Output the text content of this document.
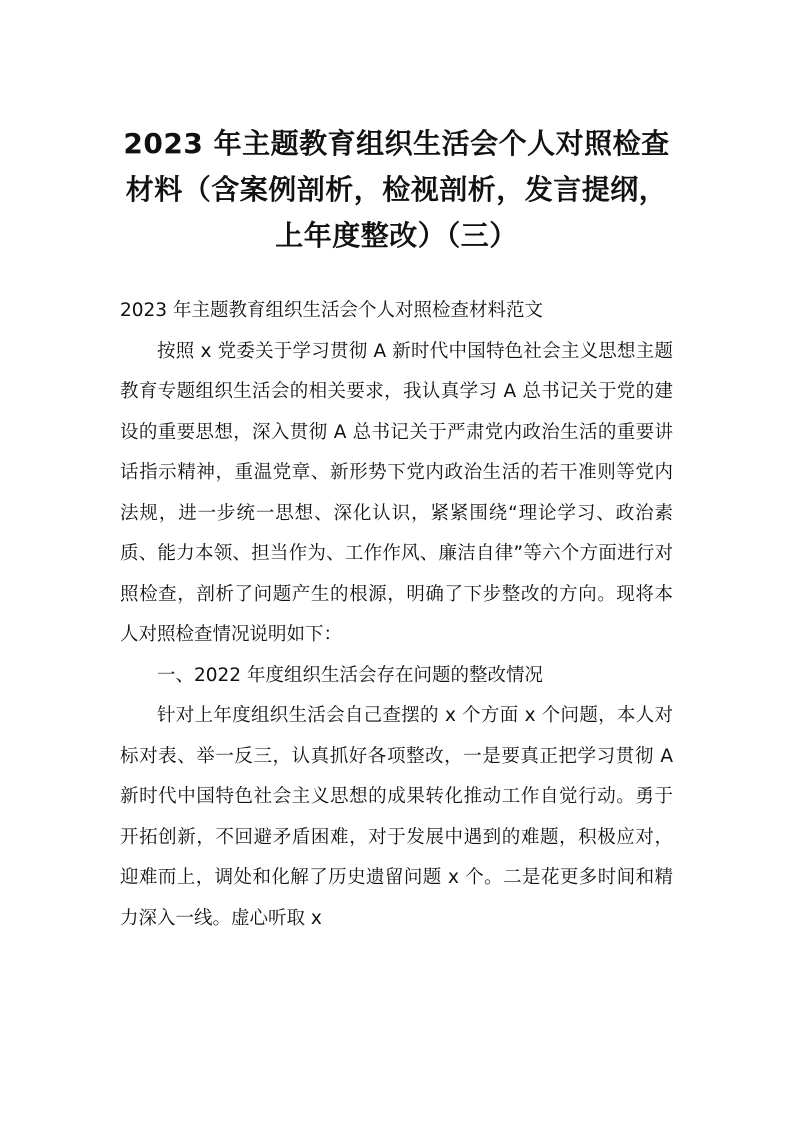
2023 年主题教育组织生活会个人对照检查
材料（含案例剖析，检视剖析，发言提纲，
上年度整改）（三）

2023 年主题教育组织生活会个人对照检查材料范文

按照 x 党委关于学习贯彻 A 新时代中国特色社会主义思想主题教育专题组织生活会的相关要求，我认真学习 A 总书记关于党的建设的重要思想，深入贯彻 A 总书记关于严肃党内政治生活的重要讲话指示精神，重温党章、新形势下党内政治生活的若干准则等党内法规，进一步统一思想、深化认识，紧紧围绕“理论学习、政治素质、能力本领、担当作为、工作作风、廉洁自律”等六个方面进行对照检查，剖析了问题产生的根源，明确了下步整改的方向。现将本人对照检查情况说明如下：

一、2022 年度组织生活会存在问题的整改情况

针对上年度组织生活会自己查摆的 x 个方面 x 个问题，本人对标对表、举一反三，认真抓好各项整改，一是要真正把学习贯彻 A 新时代中国特色社会主义思想的成果转化推动工作自觉行动。勇于开拓创新，不回避矛盾困难，对于发展中遇到的难题，积极应对，迎难而上，调处和化解了历史遗留问题 x 个。二是花更多时间和精力深入一线。虚心听取 x
